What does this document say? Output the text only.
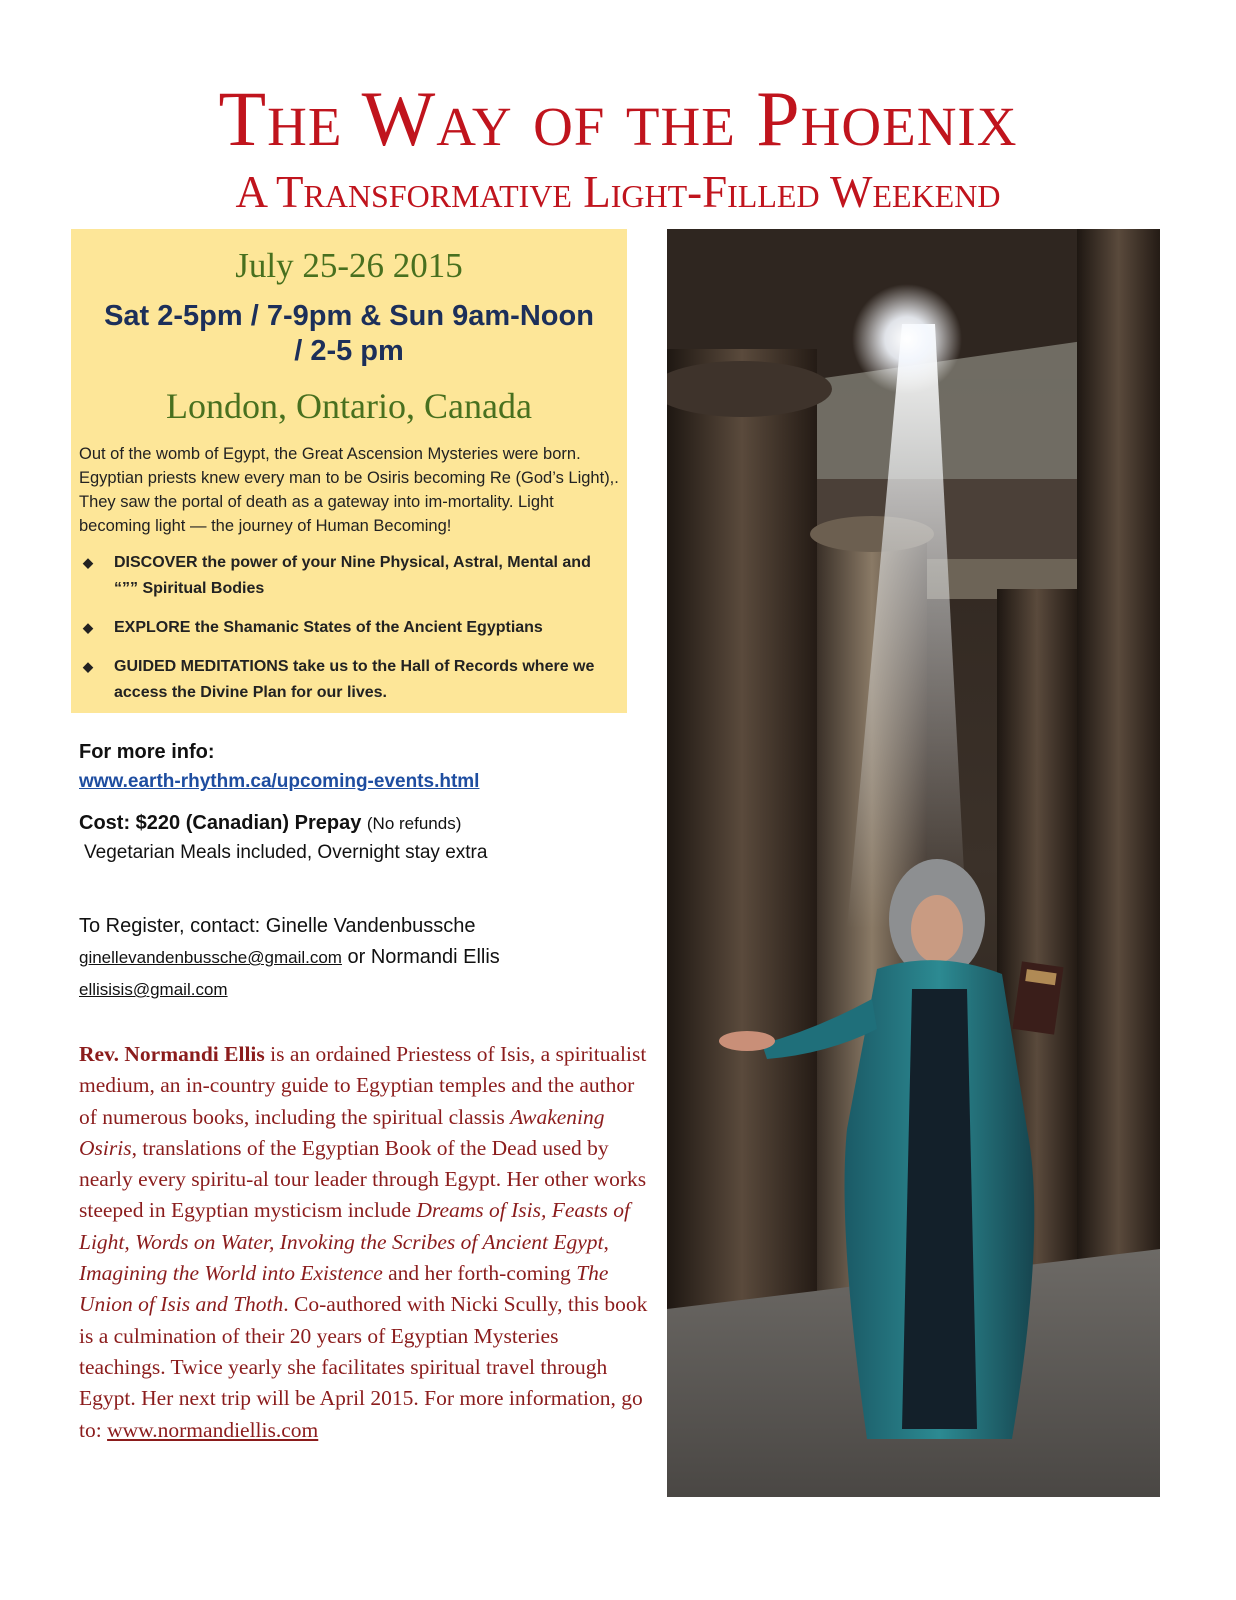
The Way of the Phoenix
A Transformative Light-Filled Weekend
July 25-26 2015

Sat 2-5pm / 7-9pm & Sun 9am-Noon / 2-5 pm

London, Ontario, Canada

Out of the womb of Egypt, the Great Ascension Mysteries were born. Egyptian priests knew every man to be Osiris becoming Re (God’s Light),. They saw the portal of death as a gateway into im-mortality. Light becoming light — the journey of Human Becoming!

◆ DISCOVER the power of your Nine Physical, Astral, Mental and “”” Spiritual Bodies
◆ EXPLORE the Shamanic States of the Ancient Egyptians
◆ GUIDED MEDITATIONS take us to the Hall of Records where we access the Divine Plan for our lives.

For more info:

www.earth-rhythm.ca/upcoming-events.html
Cost: $220 (Canadian) Prepay (No refunds)
Vegetarian Meals included, Overnight stay extra
To Register, contact: Ginelle Vandenbussche
ginellevandenbussche@gmail.com or Normandi Ellis
ellisisis@gmail.com

Rev. Normandi Ellis is an ordained Priestess of Isis, a spiritualist medium, an in-country guide to Egyptian temples and the author of numerous books, including the spiritual classis Awakening Osiris, translations of the Egyptian Book of the Dead used by nearly every spiritu-al tour leader through Egypt. Her other works steeped in Egyptian mysticism include Dreams of Isis, Feasts of Light, Words on Water, Invoking the Scribes of Ancient Egypt, Imagining the World into Existence and her forth-coming The Union of Isis and Thoth. Co-authored with Nicki Scully, this book is a culmination of their 20 years of Egyptian Mysteries teachings. Twice yearly she facilitates spiritual travel through Egypt. Her next trip will be April 2015. For more information, go to: www.normandiellis.com
